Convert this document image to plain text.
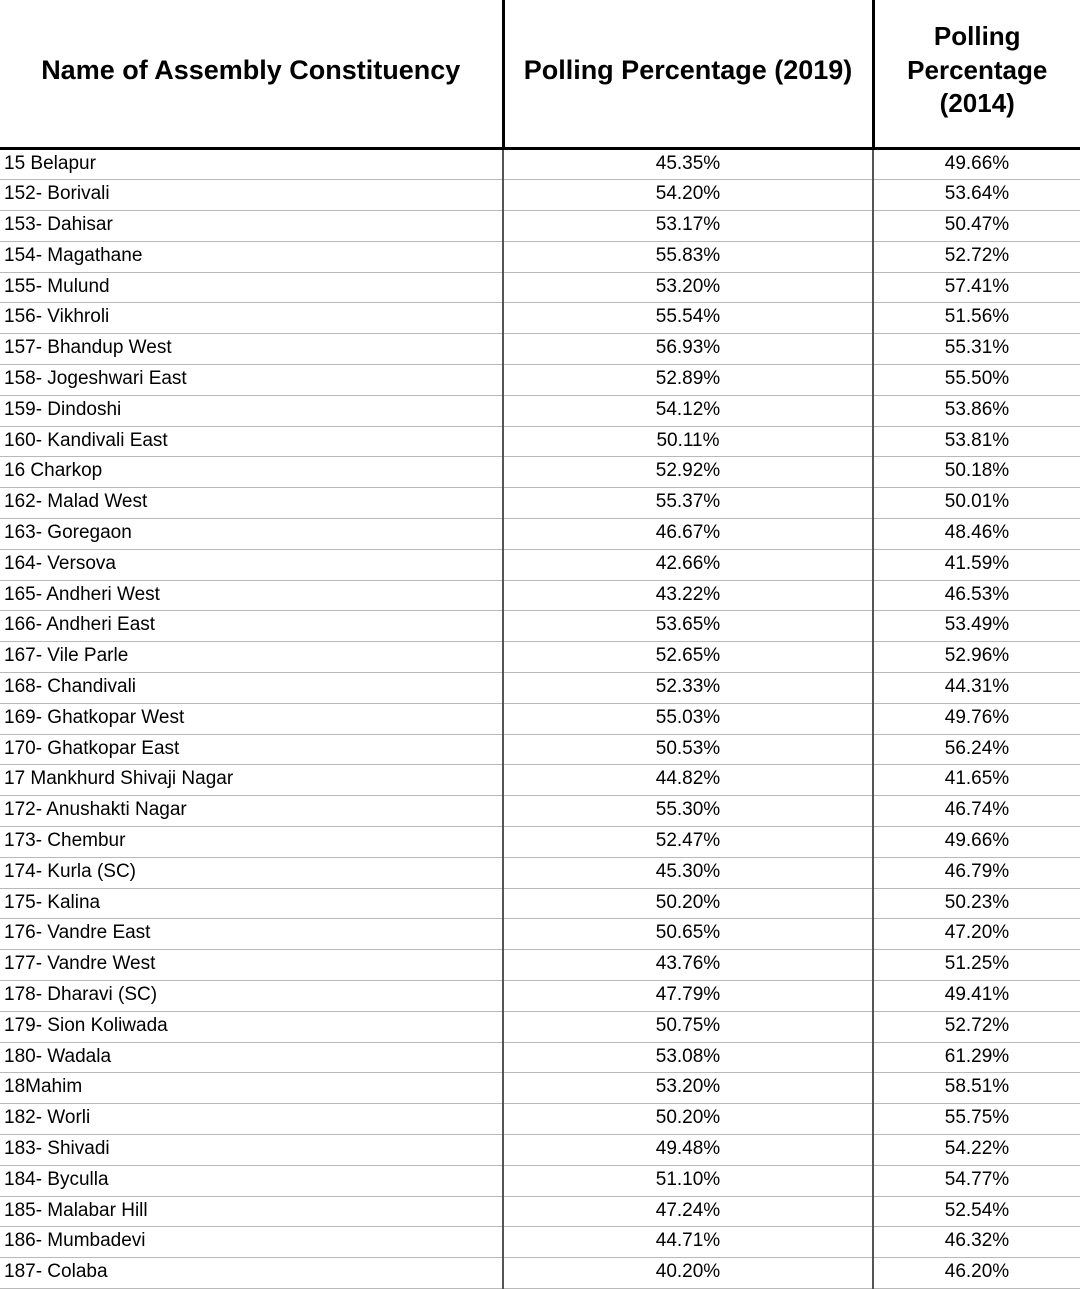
Name of Assembly Constituency	Polling Percentage (2019)	Polling Percentage (2014)
15 Belapur	45.35%	49.66%
152- Borivali	54.20%	53.64%
153- Dahisar	53.17%	50.47%
154- Magathane	55.83%	52.72%
155- Mulund	53.20%	57.41%
156- Vikhroli	55.54%	51.56%
157- Bhandup West	56.93%	55.31%
158- Jogeshwari East	52.89%	55.50%
159- Dindoshi	54.12%	53.86%
160- Kandivali East	50.11%	53.81%
16 Charkop	52.92%	50.18%
162- Malad West	55.37%	50.01%
163- Goregaon	46.67%	48.46%
164- Versova	42.66%	41.59%
165- Andheri West	43.22%	46.53%
166- Andheri East	53.65%	53.49%
167- Vile Parle	52.65%	52.96%
168- Chandivali	52.33%	44.31%
169- Ghatkopar West	55.03%	49.76%
170- Ghatkopar East	50.53%	56.24%
17 Mankhurd Shivaji Nagar	44.82%	41.65%
172- Anushakti Nagar	55.30%	46.74%
173- Chembur	52.47%	49.66%
174- Kurla (SC)	45.30%	46.79%
175- Kalina	50.20%	50.23%
176- Vandre East	50.65%	47.20%
177- Vandre West	43.76%	51.25%
178- Dharavi (SC)	47.79%	49.41%
179- Sion Koliwada	50.75%	52.72%
180- Wadala	53.08%	61.29%
18Mahim	53.20%	58.51%
182- Worli	50.20%	55.75%
183- Shivadi	49.48%	54.22%
184- Byculla	51.10%	54.77%
185- Malabar Hill	47.24%	52.54%
186- Mumbadevi	44.71%	46.32%
187- Colaba	40.20%	46.20%
